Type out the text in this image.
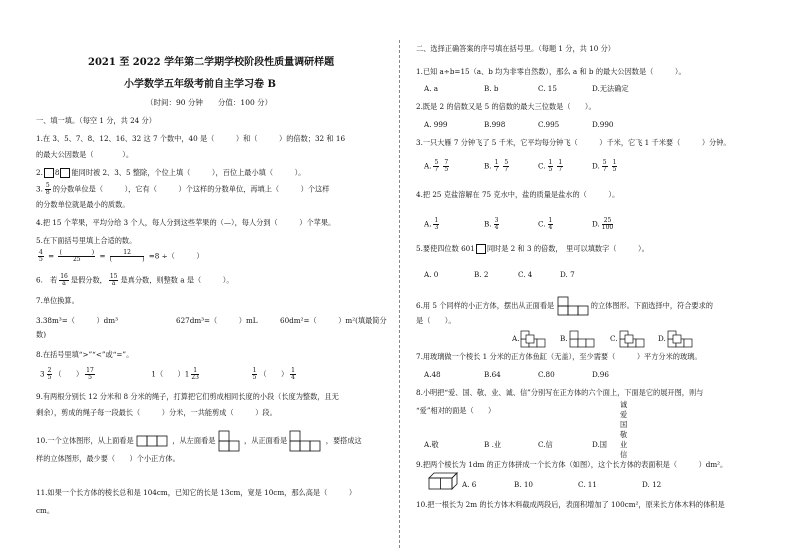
2021 至 2022 学年第二学期学校阶段性质量调研样题
小学数学五年级考前自主学习卷 B
（时间：90 分钟　　分值：100 分）
一、填一填。（每空 1 分，共 24 分）
1.在 3、5、7、8、12、16、32 这 7 个数中，40 是（　　　）和（　　　）的倍数；32 和 16
的最大公因数是（　　　　）。
2. 8 能同时被 2、3、5 整除，个位上填（　　　），百位上最小填（　　　）。
3. $\frac{5}{8}$ 的分数单位是（　　　），它有（　　　）个这样的分数单位，再填上（　　　）个这样
的分数单位就是最小的质数。
4.把 15 个苹果，平均分给 3 个人，每人分到这些苹果的（—），每人分到（　　　）个苹果。
5.在下面括号里填上合适的数。
$\frac{4}{5} = \frac{( )}{25} = \frac{12}{( )} =8$ ÷（　　　）
6.　若 $\frac{16}{a}$ 是假分数， $\frac{15}{a}$ 是真分数，则整数 a 是（　　　）。
7.单位换算。
3.38m³=（　　　）dm³	627dm³=（　　　）mL	60dm²=（　　　）m²(填最简分
数)
8.在括号里填“>”“<”或“=”。
$3 \frac{2}{5}$ （　　） $\frac{17}{5}$	1（　　）$1 \frac{1}{23}$
	$\frac{1}{5}$ （　　） $\frac{1}{4}$
9.有两根分别长 12 分米和 8 分米的绳子，打算把它们剪成相同长度的小段（长度为整数，且无
剩余），剪成的绳子每一段最长（　　　）分米，一共能剪成（　　　）段。
10.一个立体图形，从上面看是	，从左面看是	，从正面看是	，要搭成这
样的立体图形，最少要（　　）个小正方体。
11.如果一个长方体的棱长总和是 104cm，已知它的长是 13cm，宽是 10cm，那么高是（　　　）
cm。
二、选择正确答案的序号填在括号里。（每题 1 分，共 10 分）
1.已知 a÷b=15（a、b 均为非零自然数），那么 a 和 b 的最大公因数是（　　　）。
A. a	B. b	C. 15	D.无法确定
2.既是 2 的倍数又是 5 的倍数的最大三位数是（　　）。
A. 999	B.998	C.995	D.990
3.一只大雁 7 分钟飞了 5 千米，它平均每分钟飞（　　　）千米，它飞 1 千米要（　　　）分钟。
A. $\frac{5}{7} \frac{7}{5}$	B. $\frac{1}{7} \frac{5}{7}$	C. $\frac{1}{5} \frac{1}{7}$	D. $\frac{5}{7} \frac{1}{5}$
4.把 25 克盐溶解在 75 克水中，盐的质量是盐水的（　　　）。
A. $\frac{1}{3}$	B. $\frac{3}{4}$	C. $\frac{1}{4}$	D. $\frac{25}{100}$
5.要使四位数 601 同时是 2 和 3 的倍数，　里可以填数字（　　　）。
A. 0	B. 2	C. 4	D. 7
6.用 5 个同样的小正方体，摆出从正面看是	的立体图形。下面选择中，符合要求的
是（　　）。
A.	B.	C.	D.
7.用玻璃做一个棱长 1 分米的正方体鱼缸（无盖），至少需要（　　　）平方分米的玻璃。
A.48	B.64	C.80	D.96
8.小明把“爱、国、敬、业、诚、信”分别写在正方体的六个面上，下面是它的展开图，则与
“爱”相对的面是（　　）
诚
爱
国
敬
业
信
A.敬	B .业	C.信	D.国
9.把两个棱长为 1dm 的正方体拼成一个长方体（如图），这个长方体的表面积是（　　　）dm²。
A. 6	B. 10	C. 11	D. 12
10.把一根长为 2m 的长方体木料截成两段后，表面积增加了 100cm²，原来长方体木料的体积是
